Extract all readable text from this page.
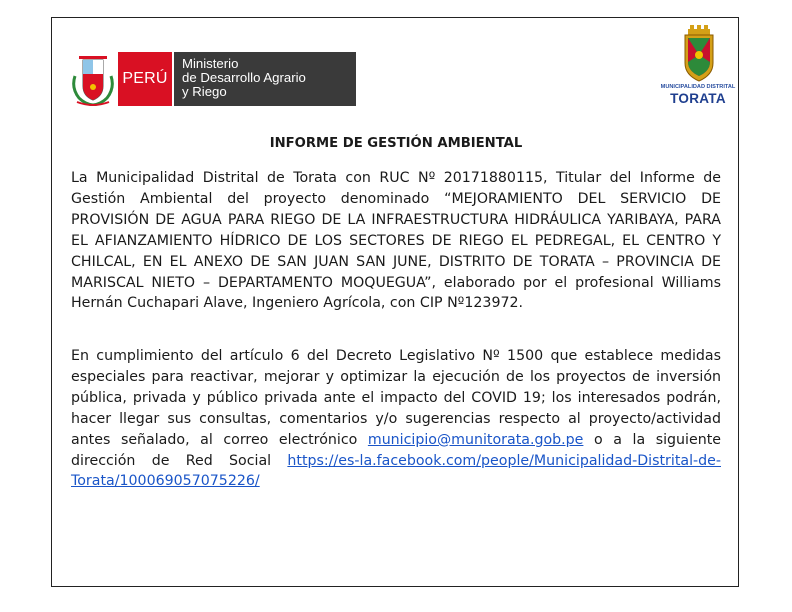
PERÚ
Ministerio
de Desarrollo Agrario
y Riego	MUNICIPALIDAD DISTRITAL
TORATA
INFORME DE GESTIÓN AMBIENTAL
La Municipalidad Distrital de Torata con RUC Nº 20171880115, Titular del Informe de Gestión Ambiental del proyecto denominado “MEJORAMIENTO DEL SERVICIO DE PROVISIÓN DE AGUA PARA RIEGO DE LA INFRAESTRUCTURA HIDRÁULICA YARIBAYA, PARA EL AFIANZAMIENTO HÍDRICO DE LOS SECTORES DE RIEGO EL PEDREGAL, EL CENTRO Y CHILCAL, EN EL ANEXO DE SAN JUAN SAN JUNE, DISTRITO DE TORATA – PROVINCIA DE MARISCAL NIETO – DEPARTAMENTO MOQUEGUA”, elaborado por el profesional Williams Hernán Cuchapari Alave, Ingeniero Agrícola, con CIP Nº123972.
En cumplimiento del artículo 6 del Decreto Legislativo Nº 1500 que establece medidas especiales para reactivar, mejorar y optimizar la ejecución de los proyectos de inversión pública, privada y público privada ante el impacto del COVID 19; los interesados podrán, hacer llegar sus consultas, comentarios y/o sugerencias respecto al proyecto/actividad antes señalado, al correo electrónico municipio@munitorata.gob.pe o a la siguiente dirección de Red Social https://es-la.facebook.com/people/Municipalidad-Distrital-de-Torata/100069057075226/
